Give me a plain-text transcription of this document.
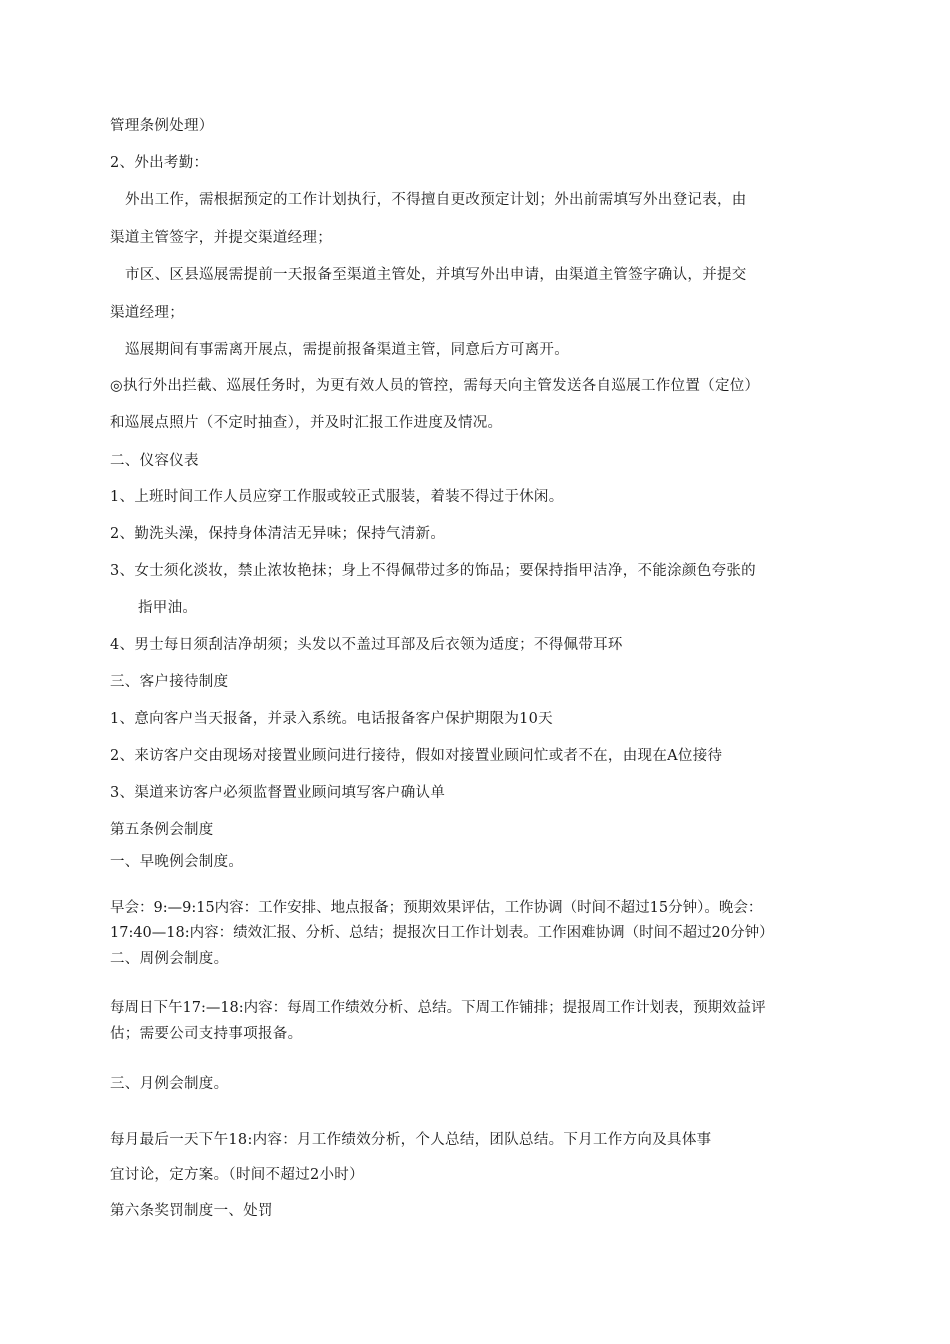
管理条例处理）
2、外出考勤：
外出工作，需根据预定的工作计划执行，不得擅自更改预定计划；外出前需填写外出登记表，由
渠道主管签字，并提交渠道经理；
市区、区县巡展需提前一天报备至渠道主管处，并填写外出申请，由渠道主管签字确认，并提交
渠道经理；
巡展期间有事需离开展点，需提前报备渠道主管，同意后方可离开。
◎执行外出拦截、巡展任务时，为更有效人员的管控，需每天向主管发送各自巡展工作位置（定位）
和巡展点照片（不定时抽查），并及时汇报工作进度及情况。
二、仪容仪表
1、上班时间工作人员应穿工作服或较正式服装，着装不得过于休闲。
2、勤洗头澡，保持身体清洁无异味；保持气清新。
3、女士须化淡妆，禁止浓妆艳抹；身上不得佩带过多的饰品；要保持指甲洁净，不能涂颜色夸张的
指甲油。
4、男士每日须刮洁净胡须；头发以不盖过耳部及后衣领为适度；不得佩带耳环
三、客户接待制度
1、意向客户当天报备，并录入系统。电话报备客户保护期限为10天
2、来访客户交由现场对接置业顾问进行接待，假如对接置业顾问忙或者不在，由现在A位接待
3、渠道来访客户必须监督置业顾问填写客户确认单
第五条例会制度
一、早晚例会制度。
早会：9:—9:15内容：工作安排、地点报备；预期效果评估，工作协调（时间不超过15分钟）。晚会：
17:40—18:内容：绩效汇报、分析、总结；提报次日工作计划表。工作困难协调（时间不超过20分钟）
二、周例会制度。
每周日下午17:—18:内容：每周工作绩效分析、总结。下周工作铺排；提报周工作计划表，预期效益评
估；需要公司支持事项报备。
三、月例会制度。
每月最后一天下午18:内容：月工作绩效分析，个人总结，团队总结。下月工作方向及具体事
宜讨论，定方案。（时间不超过2小时）
第六条奖罚制度一、处罚
